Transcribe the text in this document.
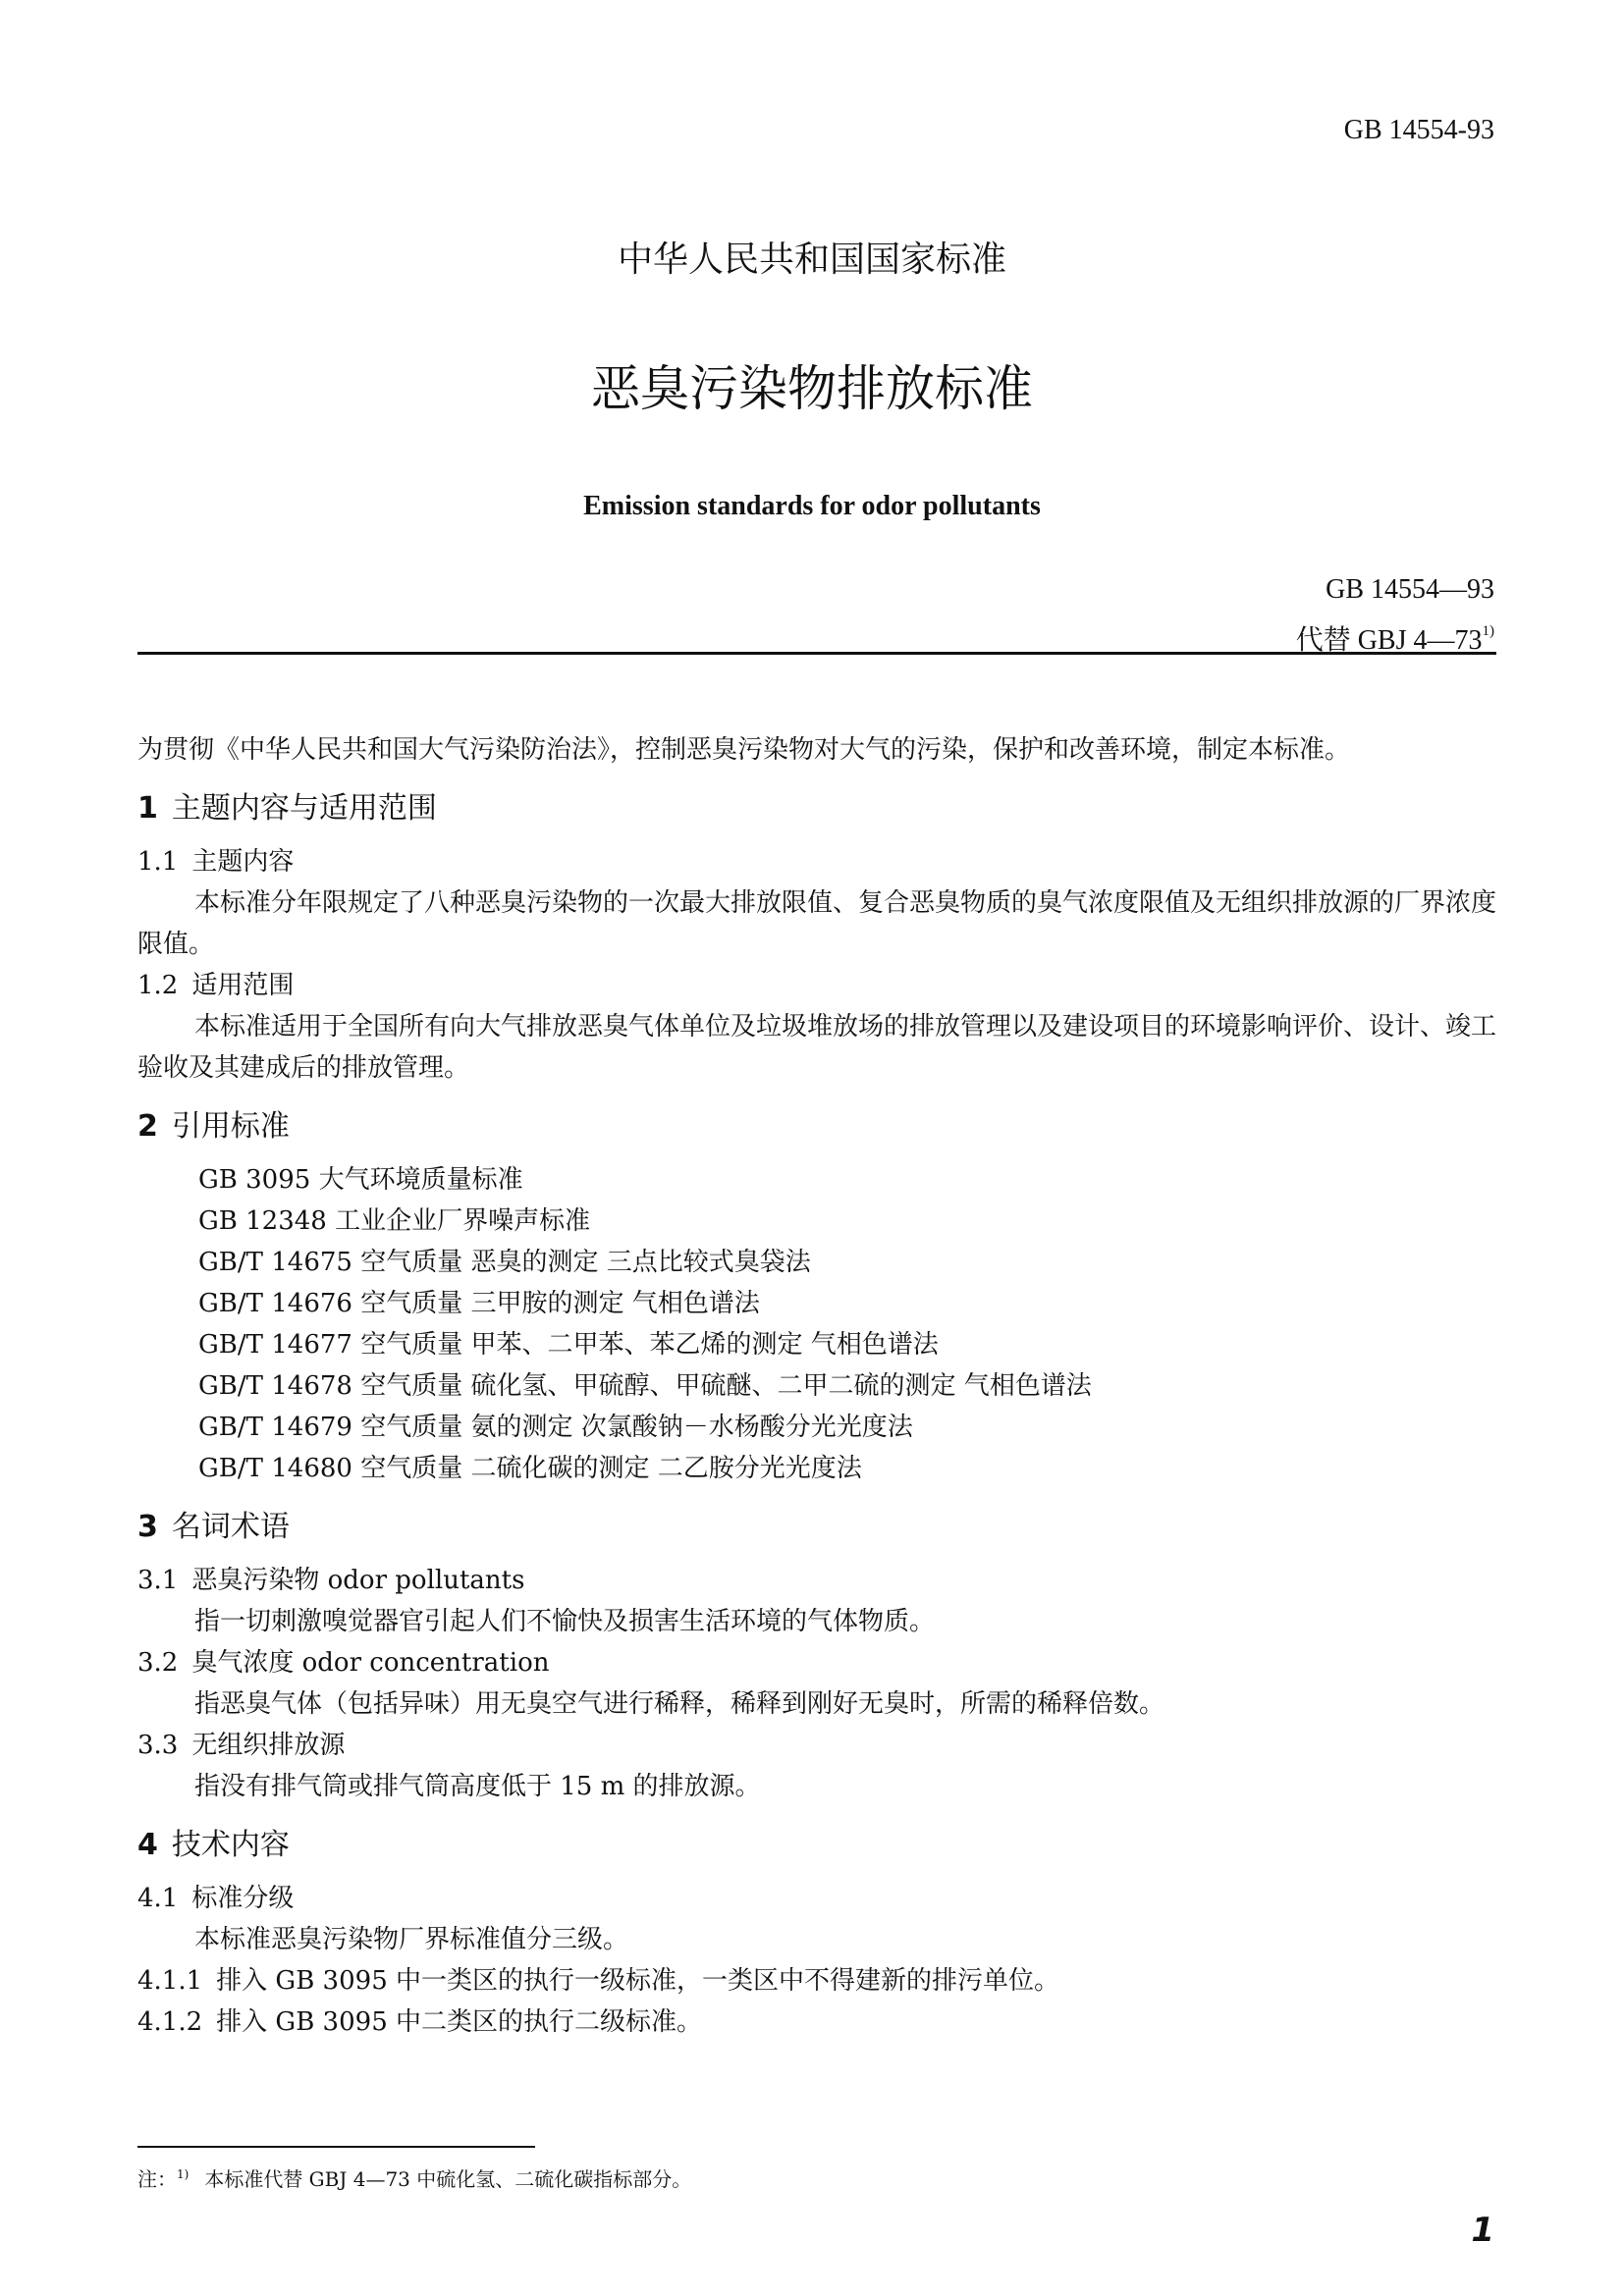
GB 14554-93
中华人民共和国国家标准
恶臭污染物排放标准
Emission standards for odor pollutants
GB 14554—93
代替 GBJ 4—73$^{1)}$

为贯彻《中华人民共和国大气污染防治法》，控制恶臭污染物对大气的污染，保护和改善环境，制定本标准。

1 主题内容与适用范围

1.1 主题内容

本标准分年限规定了八种恶臭污染物的一次最大排放限值、复合恶臭物质的臭气浓度限值及无组织排放源的厂界浓度限值。

1.2 适用范围

本标准适用于全国所有向大气排放恶臭气体单位及垃圾堆放场的排放管理以及建设项目的环境影响评价、设计、竣工验收及其建成后的排放管理。

2 引用标准

GB 3095 大气环境质量标准

GB 12348 工业企业厂界噪声标准

GB/T 14675 空气质量 恶臭的测定 三点比较式臭袋法

GB/T 14676 空气质量 三甲胺的测定 气相色谱法

GB/T 14677 空气质量 甲苯、二甲苯、苯乙烯的测定 气相色谱法

GB/T 14678 空气质量 硫化氢、甲硫醇、甲硫醚、二甲二硫的测定 气相色谱法

GB/T 14679 空气质量 氨的测定 次氯酸钠－水杨酸分光光度法

GB/T 14680 空气质量 二硫化碳的测定 二乙胺分光光度法

3 名词术语

3.1 恶臭污染物 odor pollutants

指一切刺激嗅觉器官引起人们不愉快及损害生活环境的气体物质。

3.2 臭气浓度 odor concentration

指恶臭气体（包括异味）用无臭空气进行稀释，稀释到刚好无臭时，所需的稀释倍数。

3.3 无组织排放源

指没有排气筒或排气筒高度低于 15 m 的排放源。

4 技术内容

4.1 标准分级

本标准恶臭污染物厂界标准值分三级。

4.1.1 排入 GB 3095 中一类区的执行一级标准，一类区中不得建新的排污单位。

4.1.2 排入 GB 3095 中二类区的执行二级标准。

注：$^{1)}$ 本标准代替 GBJ 4—73 中硫化氢、二硫化碳指标部分。
1
